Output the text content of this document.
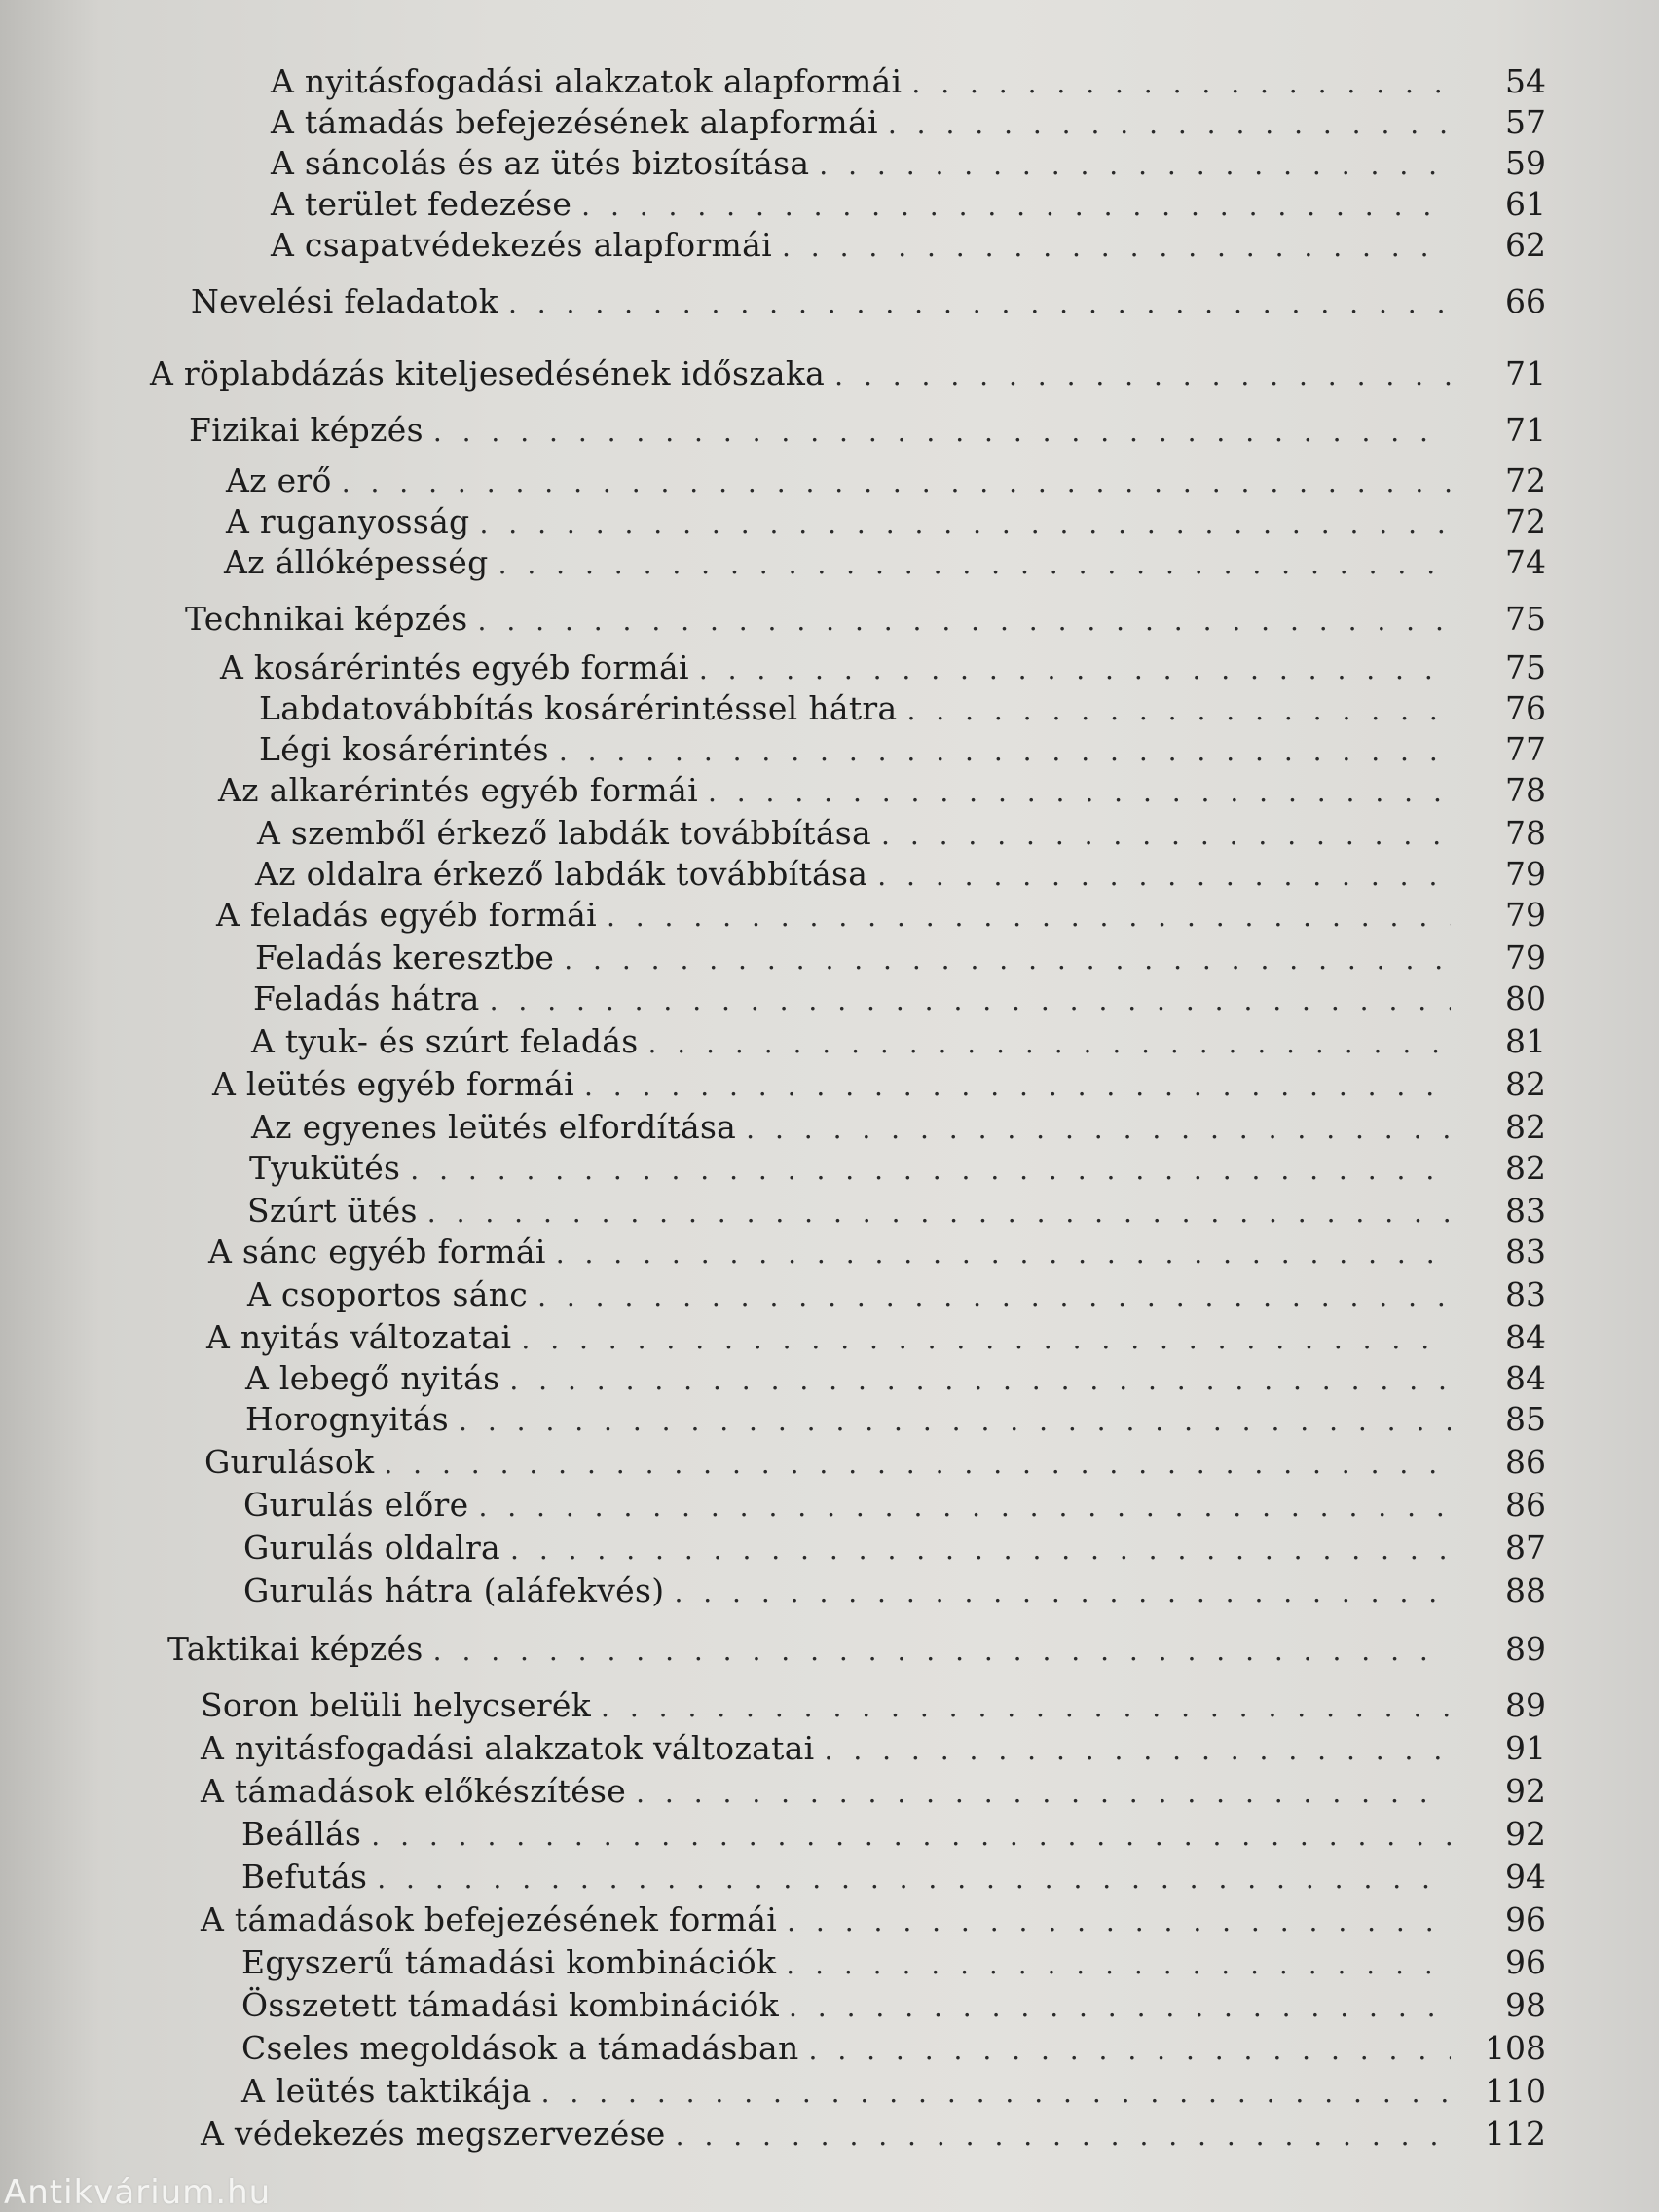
A nyitásfogadási alakzatok alapformái . . .	54
A támadás befejezésének alapformái . . .	57
A sáncolás és az ütés biztosítása . . .	59
A terület fedezése . . .	61
A csapatvédekezés alapformái . . .	62
Nevelési feladatok . . .	66
A röplabdázás kiteljesedésének időszaka . . .	71
Fizikai képzés . . .	71
Az erő . . .	72
A ruganyosság . . .	72
Az állóképesség . . .	74
Technikai képzés . . .	75
A kosárérintés egyéb formái . . .	75
Labdatovábbítás kosárérintéssel hátra . . .	76
Légi kosárérintés . . .	77
Az alkarérintés egyéb formái . . .	78
A szemből érkező labdák továbbítása . . .	78
Az oldalra érkező labdák továbbítása . . .	79
A feladás egyéb formái . . .	79
Feladás keresztbe . . .	79
Feladás hátra . . .	80
A tyuk- és szúrt feladás . . .	81
A leütés egyéb formái . . .	82
Az egyenes leütés elfordítása . . .	82
Tyukütés . . .	82
Szúrt ütés . . .	83
A sánc egyéb formái . . .	83
A csoportos sánc . . .	83
A nyitás változatai . . .	84
A lebegő nyitás . . .	84
Horognyitás . . .	85
Gurulások . . .	86
Gurulás előre . . .	86
Gurulás oldalra . . .	87
Gurulás hátra (aláfekvés) . . .	88
Taktikai képzés . . .	89
Soron belüli helycserék . . .	89
A nyitásfogadási alakzatok változatai . . .	91
A támadások előkészítése . . .	92
Beállás . . .	92
Befutás . . .	94
A támadások befejezésének formái . . .	96
Egyszerű támadási kombinációk . . .	96
Összetett támadási kombinációk . . .	98
Cseles megoldások a támadásban . . .	108
A leütés taktikája . . .	110
A védekezés megszervezése . . .	112
Antikvárium.hu
